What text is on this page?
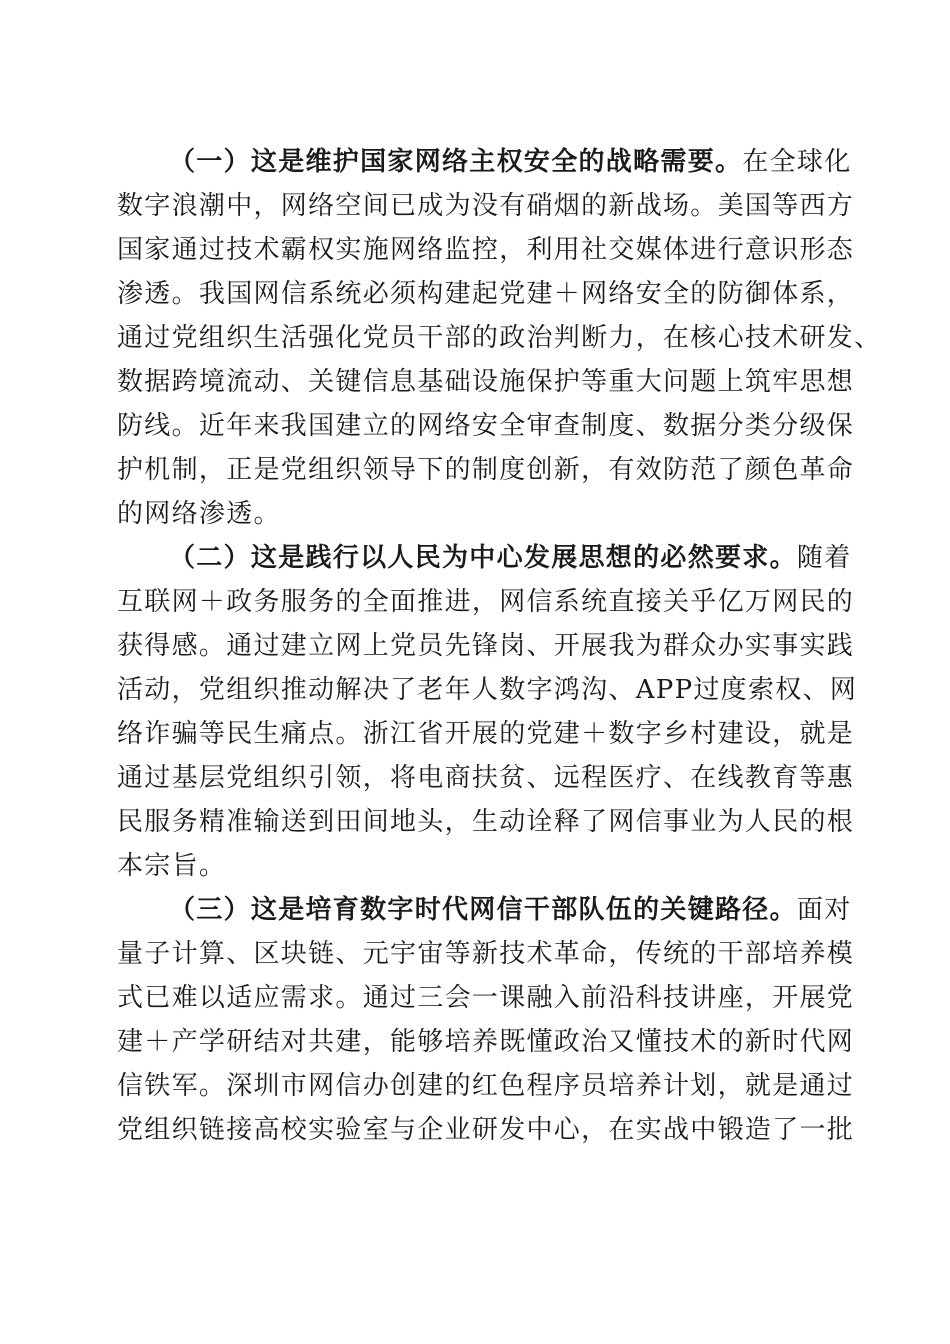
（一）这是维护国家网络主权安全的战略需要。在全球化
数字浪潮中，网络空间已成为没有硝烟的新战场。美国等西方
国家通过技术霸权实施网络监控，利用社交媒体进行意识形态
渗透。我国网信系统必须构建起党建＋网络安全的防御体系，
通过党组织生活强化党员干部的政治判断力，在核心技术研发、
数据跨境流动、关键信息基础设施保护等重大问题上筑牢思想
防线。近年来我国建立的网络安全审查制度、数据分类分级保
护机制，正是党组织领导下的制度创新，有效防范了颜色革命
的网络渗透。
（二）这是践行以人民为中心发展思想的必然要求。随着
互联网＋政务服务的全面推进，网信系统直接关乎亿万网民的
获得感。通过建立网上党员先锋岗、开展我为群众办实事实践
活动，党组织推动解决了老年人数字鸿沟、APP过度索权、网
络诈骗等民生痛点。浙江省开展的党建＋数字乡村建设，就是
通过基层党组织引领，将电商扶贫、远程医疗、在线教育等惠
民服务精准输送到田间地头，生动诠释了网信事业为人民的根
本宗旨。
（三）这是培育数字时代网信干部队伍的关键路径。面对
量子计算、区块链、元宇宙等新技术革命，传统的干部培养模
式已难以适应需求。通过三会一课融入前沿科技讲座，开展党
建＋产学研结对共建，能够培养既懂政治又懂技术的新时代网
信铁军。深圳市网信办创建的红色程序员培养计划，就是通过
党组织链接高校实验室与企业研发中心，在实战中锻造了一批
